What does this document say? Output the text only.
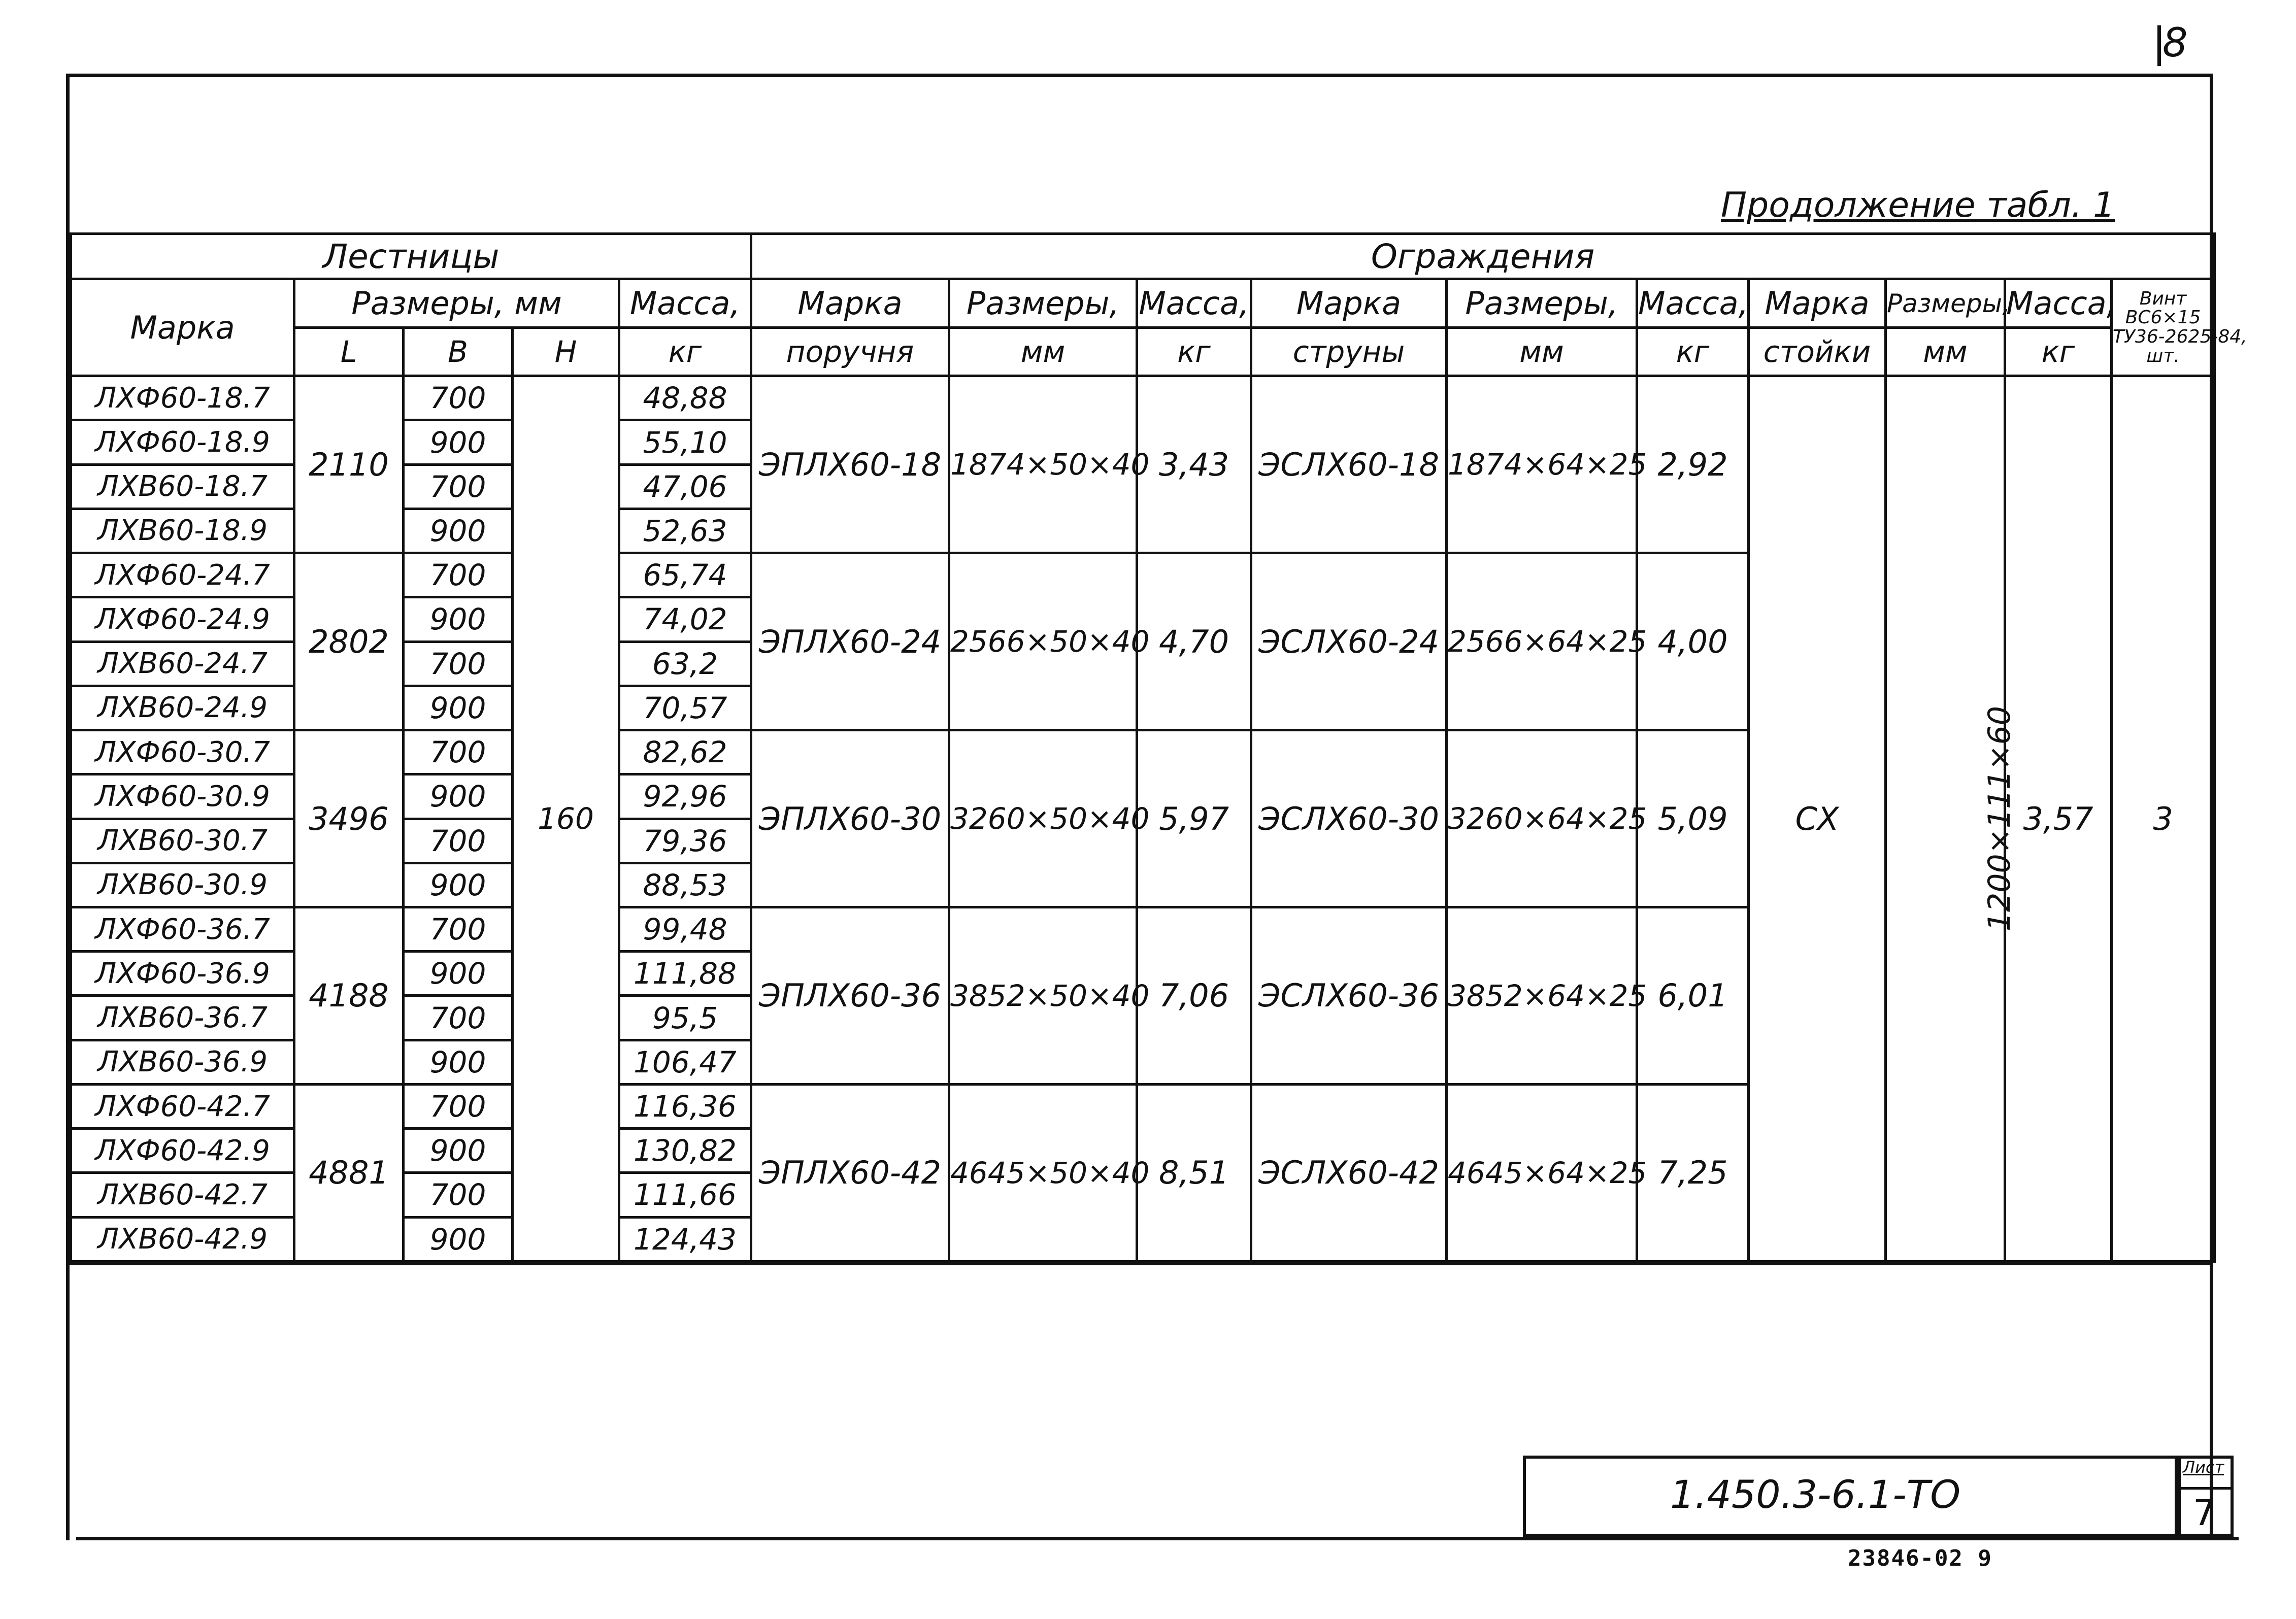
8
Продолжение табл. 1
Лестницы					Ограждения									
Марка	Размеры, мм			Масса,	Марка	Размеры,	Масса,	Марка	Размеры,	Масса,	Марка	Размеры,	Масса,	Винт
ВС6×15
ТУ36-2625-84,
шт.

	L	B	H	кг	поручня	мм	кг	струны	мм	кг	стойки	мм	кг	
ЛХФ60-18.7	2110	700	160	48,88	ЭПЛХ60-18	1874×50×40	3,43	ЭСЛХ60-18	1874×64×25	2,92	СХ	1200×111×60	3,57	3
ЛХФ60-18.9		900		55,10										
ЛХВ60-18.7		700		47,06										
ЛХВ60-18.9		900		52,63										
ЛХФ60-24.7	2802	700		65,74	ЭПЛХ60-24	2566×50×40	4,70	ЭСЛХ60-24	2566×64×25	4,00				
ЛХФ60-24.9		900		74,02										
ЛХВ60-24.7		700		63,2										
ЛХВ60-24.9		900		70,57										
ЛХФ60-30.7	3496	700		82,62	ЭПЛХ60-30	3260×50×40	5,97	ЭСЛХ60-30	3260×64×25	5,09				
ЛХФ60-30.9		900		92,96										
ЛХВ60-30.7		700		79,36										
ЛХВ60-30.9		900		88,53										
ЛХФ60-36.7	4188	700		99,48	ЭПЛХ60-36	3852×50×40	7,06	ЭСЛХ60-36	3852×64×25	6,01				
ЛХФ60-36.9		900		111,88										
ЛХВ60-36.7		700		95,5										
ЛХВ60-36.9		900		106,47										
ЛХФ60-42.7	4881	700		116,36	ЭПЛХ60-42	4645×50×40	8,51	ЭСЛХ60-42	4645×64×25	7,25				
ЛХФ60-42.9		900		130,82										
ЛХВ60-42.7		700		111,66										
ЛХВ60-42.9		900		124,43										
1.450.3-6.1-ТО
Лист
7
23846-02 9
